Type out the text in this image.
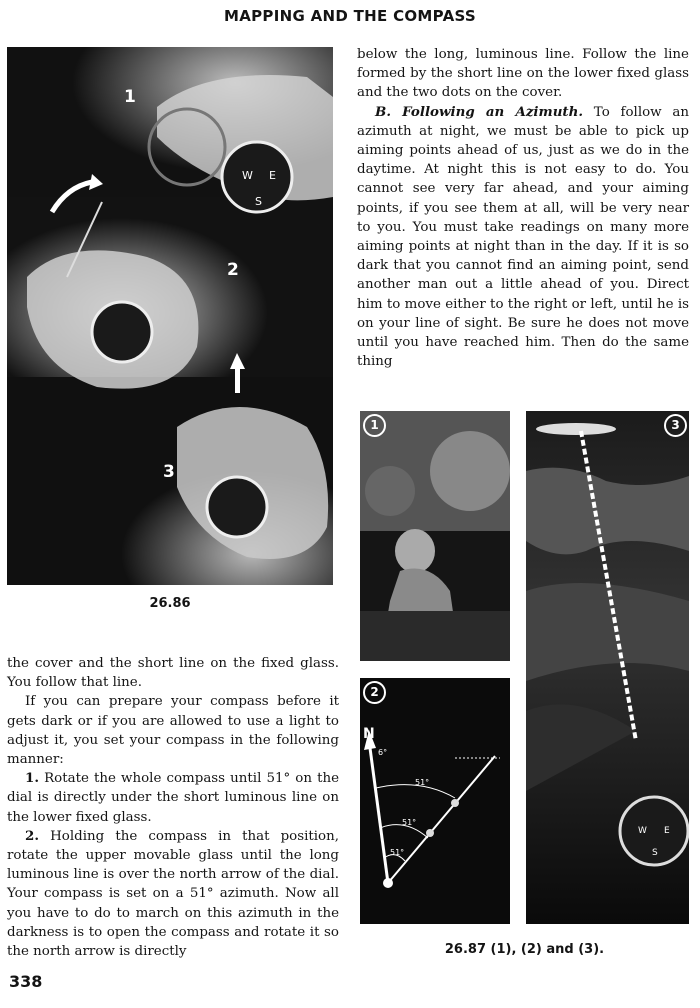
MAPPING AND THE COMPASS
W E
S
1
2
3
26.86

below the long, luminous line. Follow the line formed by the short line on the lower fixed glass and the two dots on the cover.

B. Following an Azimuth. To follow an azimuth at night, we must be able to pick up aiming points ahead of us, just as we do in the daytime. At night this is not easy to do. You cannot see very far ahead, and your aiming points, if you see them at all, will be very near to you. You must take readings on many more aiming points at night than in the day. If it is so dark that you cannot find an aiming point, send another man out a little ahead of you. Direct him to move either to the right or left, until he is on your line of sight. Be sure he does not move until you have reached him. Then do the same thing

1
2
N
6°
51°
51°
51°
W E
S
3
26.87 (1), (2) and (3).

the cover and the short line on the fixed glass. You follow that line.

If you can prepare your compass before it gets dark or if you are allowed to use a light to adjust it, you set your compass in the following manner:

1. Rotate the whole compass until 51° on the dial is directly under the short luminous line on the lower fixed glass.

2. Holding the compass in that position, rotate the upper movable glass until the long luminous line is over the north arrow of the dial. Your compass is set on a 51° azimuth. Now all you have to do to march on this azimuth in the darkness is to open the compass and rotate it so the north arrow is directly

338
